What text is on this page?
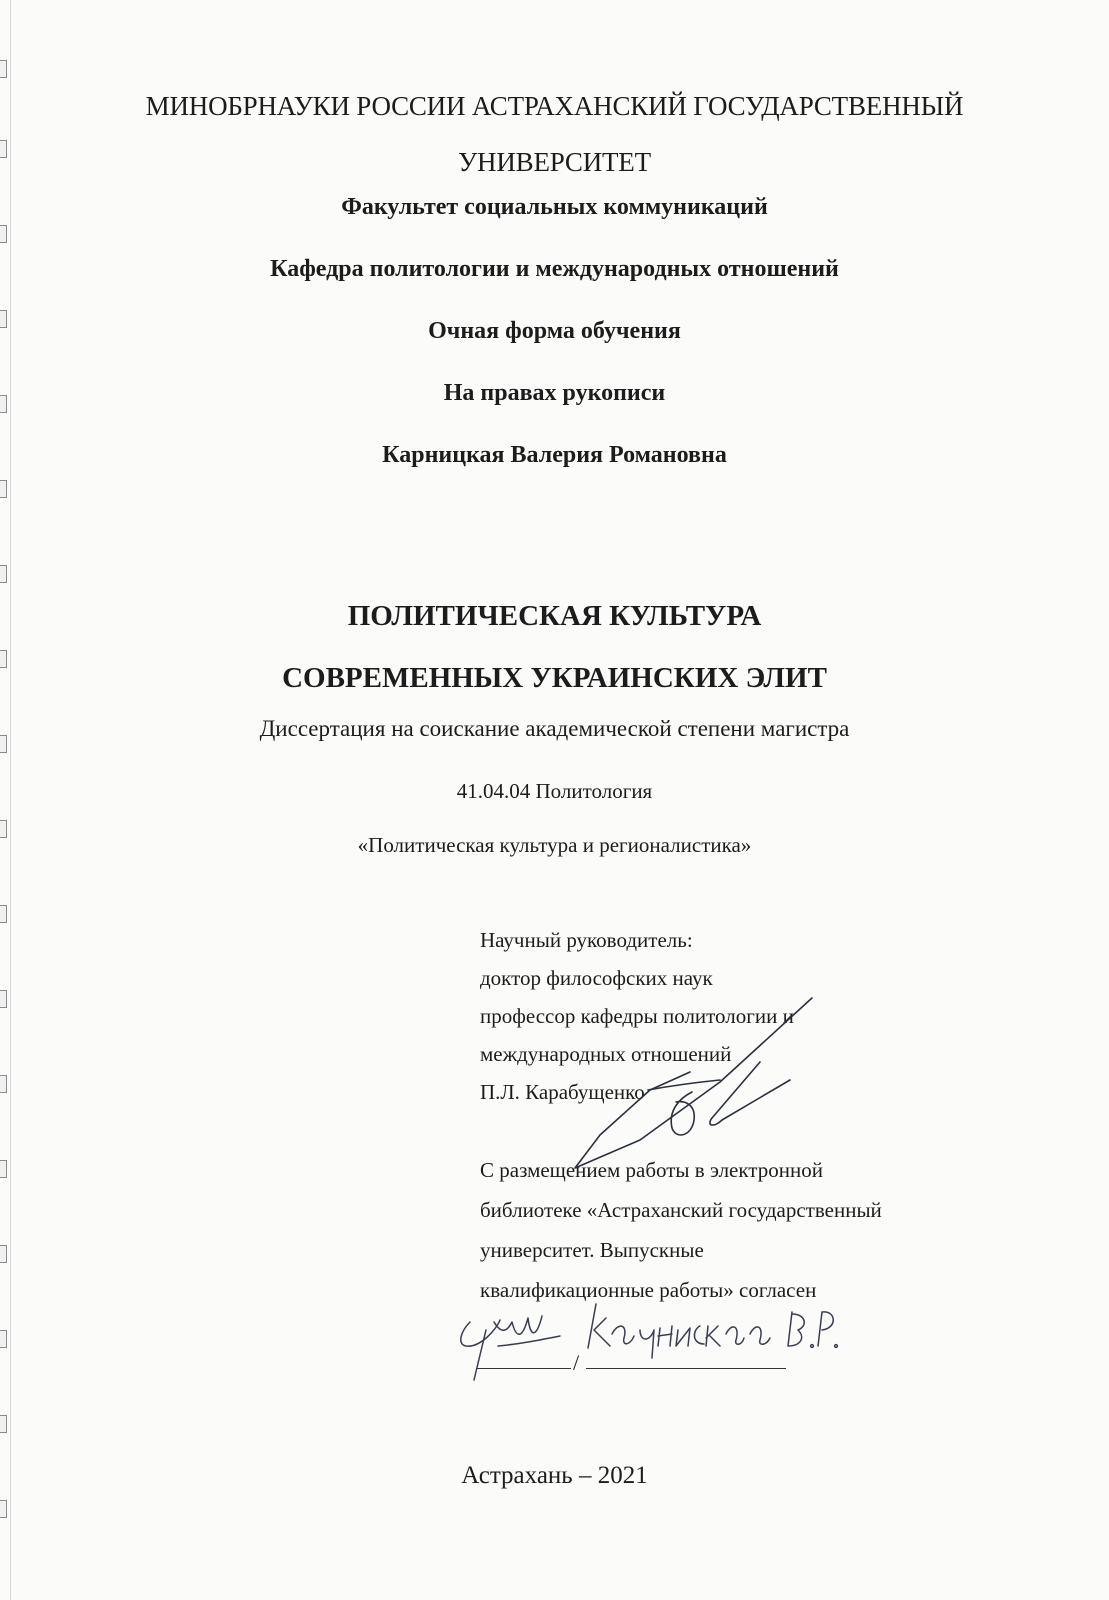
МИНОБРНАУКИ РОССИИ АСТРАХАНСКИЙ ГОСУДАРСТВЕННЫЙ
УНИВЕРСИТЕТ
Факультет социальных коммуникаций
Кафедра политологии и международных отношений
Очная форма обучения
На правах рукописи
Карницкая Валерия Романовна
ПОЛИТИЧЕСКАЯ КУЛЬТУРА
СОВРЕМЕННЫХ УКРАИНСКИХ ЭЛИТ
Диссертация на соискание академической степени магистра
41.04.04 Политология
«Политическая культура и регионалистика»
Научный руководитель:
доктор философских наук
профессор кафедры политологии и
международных отношений
П.Л. Карабущенко
С размещением работы в электронной
библиотеке «Астраханский государственный
университет. Выпускные
квалификационные работы» согласен
/
Астрахань – 2021
